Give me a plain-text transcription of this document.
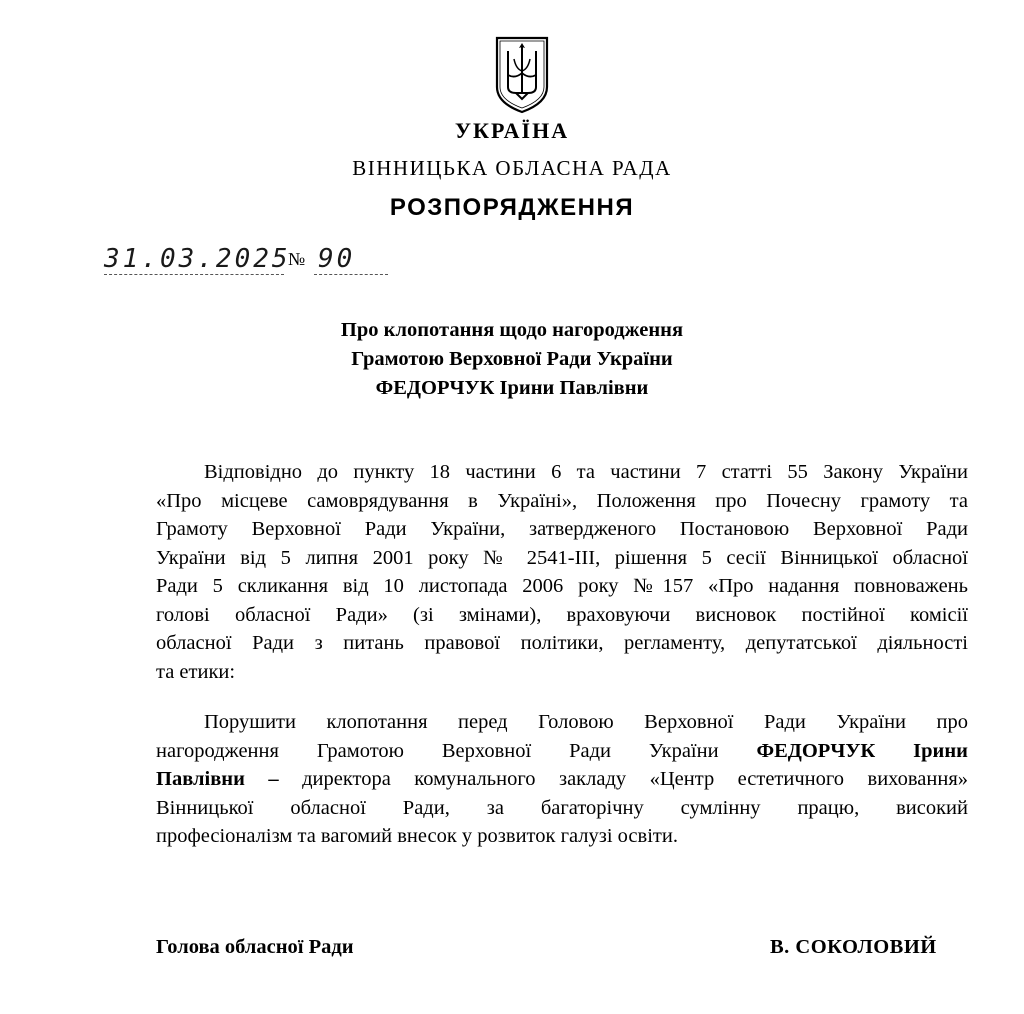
УКРАЇНА
ВІННИЦЬКА ОБЛАСНА РАДА
РОЗПОРЯДЖЕННЯ
31.03.2025
№ 90
Про клопотання щодо нагородження
Грамотою Верховної Ради України
ФЕДОРЧУК Ірини Павлівни
Відповідно до пункту 18 частини 6 та частини 7 статті 55 Закону України
«Про місцеве самоврядування в Україні», Положення про Почесну грамоту та
Грамоту Верховної Ради України, затвердженого Постановою Верховної Ради
України від 5 липня 2001 року № 2541-ІІІ, рішення 5 сесії Вінницької обласної
Ради 5 скликання від 10 листопада 2006 року №157 «Про надання повноважень
голові обласної Ради» (зі змінами), враховуючи висновок постійної комісії
обласної Ради з питань правової політики, регламенту, депутатської діяльності
та етики:
Порушити клопотання перед Головою Верховної Ради України про
нагородження Грамотою Верховної Ради України ФЕДОРЧУК Ірини
Павлівни – директора комунального закладу «Центр естетичного виховання»
Вінницької обласної Ради, за багаторічну сумлінну працю, високий
професіоналізм та вагомий внесок у розвиток галузі освіти.
Голова обласної Ради	В. СОКОЛОВИЙ
